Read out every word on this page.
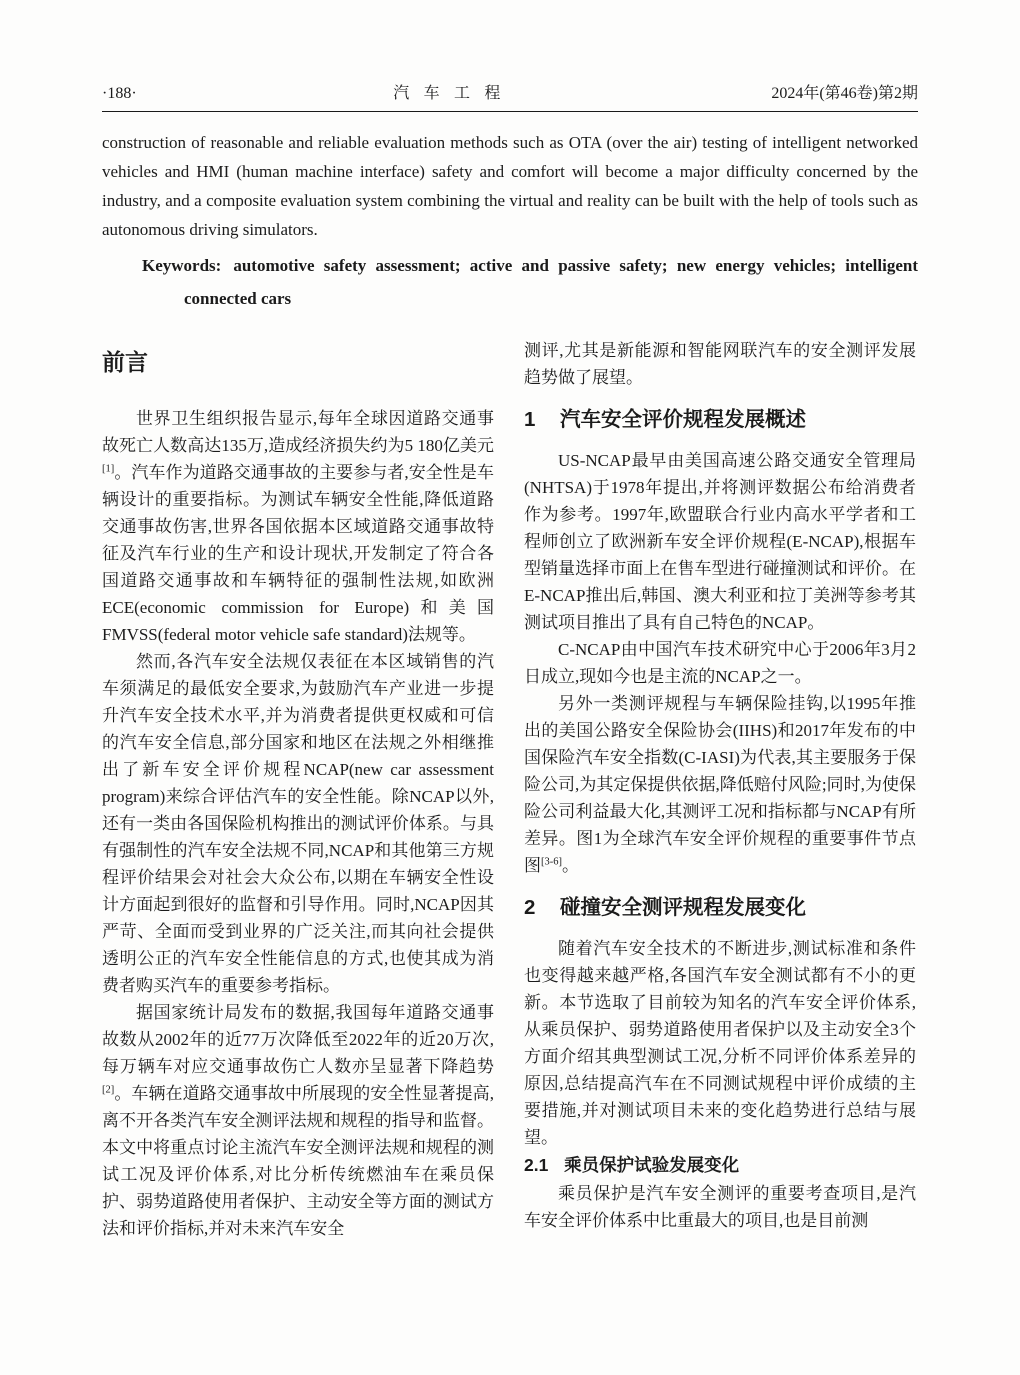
·188·	汽车工程	2024年(第46卷)第2期

construction of reasonable and reliable evaluation methods such as OTA (over the air) testing of intelligent networked vehicles and HMI (human machine interface) safety and comfort will become a major difficulty concerned by the industry, and a composite evaluation system combining the virtual and reality can be built with the help of tools such as autonomous driving simulators.

Keywords: automotive safety assessment; active and passive safety; new energy vehicles; intelligent connected cars

前言

世界卫生组织报告显示,每年全球因道路交通事故死亡人数高达135万,造成经济损失约为5 180亿美元[1]。汽车作为道路交通事故的主要参与者,安全性是车辆设计的重要指标。为测试车辆安全性能,降低道路交通事故伤害,世界各国依据本区域道路交通事故特征及汽车行业的生产和设计现状,开发制定了符合各国道路交通事故和车辆特征的强制性法规,如欧洲ECE(economic commission for Europe)和美国FMVSS(federal motor vehicle safe standard)法规等。

然而,各汽车安全法规仅表征在本区域销售的汽车须满足的最低安全要求,为鼓励汽车产业进一步提升汽车安全技术水平,并为消费者提供更权威和可信的汽车安全信息,部分国家和地区在法规之外相继推出了新车安全评价规程NCAP(new car assessment program)来综合评估汽车的安全性能。除NCAP以外,还有一类由各国保险机构推出的测试评价体系。与具有强制性的汽车安全法规不同,NCAP和其他第三方规程评价结果会对社会大众公布,以期在车辆安全性设计方面起到很好的监督和引导作用。同时,NCAP因其严苛、全面而受到业界的广泛关注,而其向社会提供透明公正的汽车安全性能信息的方式,也使其成为消费者购买汽车的重要参考指标。

据国家统计局发布的数据,我国每年道路交通事故数从2002年的近77万次降低至2022年的近20万次,每万辆车对应交通事故伤亡人数亦呈显著下降趋势[2]。车辆在道路交通事故中所展现的安全性显著提高,离不开各类汽车安全测评法规和规程的指导和监督。本文中将重点讨论主流汽车安全测评法规和规程的测试工况及评价体系,对比分析传统燃油车在乘员保护、弱势道路使用者保护、主动安全等方面的测试方法和评价指标,并对未来汽车安全

测评,尤其是新能源和智能网联汽车的安全测评发展趋势做了展望。

1 汽车安全评价规程发展概述

US-NCAP最早由美国高速公路交通安全管理局(NHTSA)于1978年提出,并将测评数据公布给消费者作为参考。1997年,欧盟联合行业内高水平学者和工程师创立了欧洲新车安全评价规程(E-NCAP),根据车型销量选择市面上在售车型进行碰撞测试和评价。在E-NCAP推出后,韩国、澳大利亚和拉丁美洲等参考其测试项目推出了具有自己特色的NCAP。

C-NCAP由中国汽车技术研究中心于2006年3月2日成立,现如今也是主流的NCAP之一。

另外一类测评规程与车辆保险挂钩,以1995年推出的美国公路安全保险协会(IIHS)和2017年发布的中国保险汽车安全指数(C-IASI)为代表,其主要服务于保险公司,为其定保提供依据,降低赔付风险;同时,为使保险公司利益最大化,其测评工况和指标都与NCAP有所差异。图1为全球汽车安全评价规程的重要事件节点图[3-6]。

2 碰撞安全测评规程发展变化

随着汽车安全技术的不断进步,测试标准和条件也变得越来越严格,各国汽车安全测试都有不小的更新。本节选取了目前较为知名的汽车安全评价体系,从乘员保护、弱势道路使用者保护以及主动安全3个方面介绍其典型测试工况,分析不同评价体系差异的原因,总结提高汽车在不同测试规程中评价成绩的主要措施,并对测试项目未来的变化趋势进行总结与展望。

2.1 乘员保护试验发展变化

乘员保护是汽车安全测评的重要考查项目,是汽车安全评价体系中比重最大的项目,也是目前测
